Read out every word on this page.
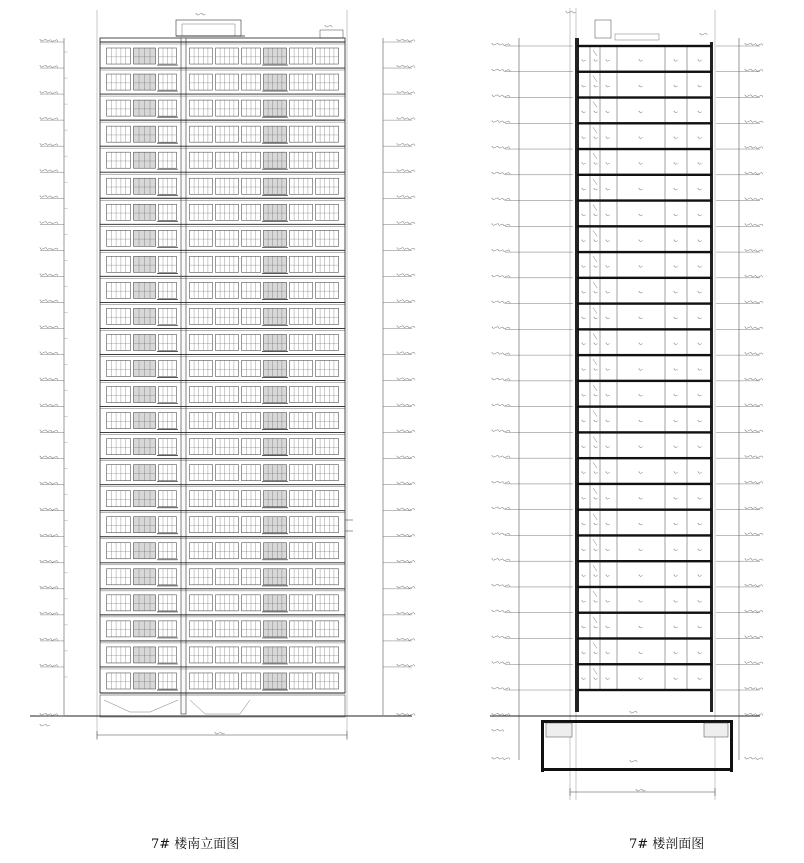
7# 楼南立面图	7# 楼剖面图
